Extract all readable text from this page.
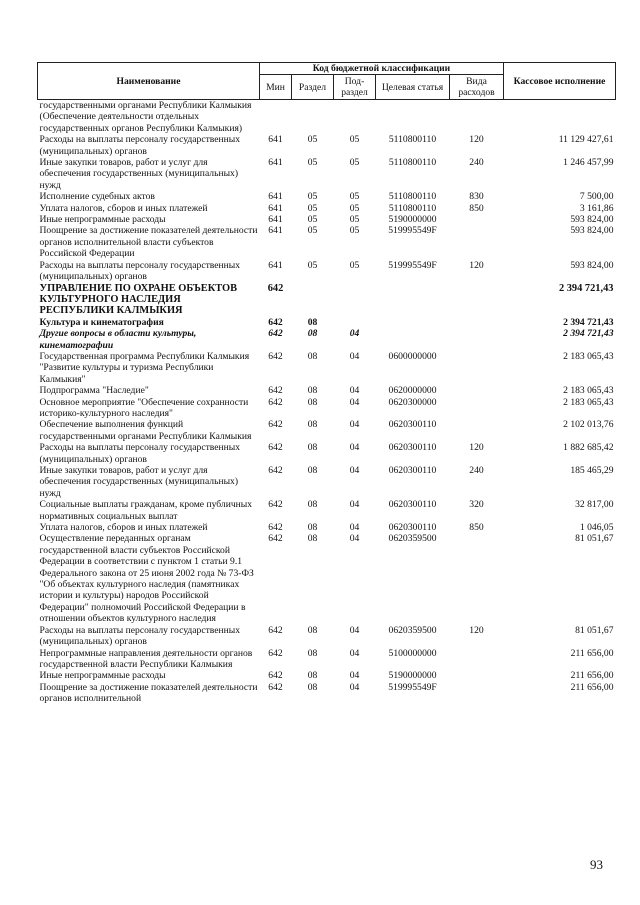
Наименование	Код бюджетной классификации					Кассовое исполнение
	Мин	Раздел	Под-раздел	Целевая статья	Вида расходов	
государственными органами Республики Калмыкия (Обеспечение деятельности отдельных государственных органов Республики Калмыкия)						
Расходы на выплаты персоналу государственных (муниципальных) органов	641	05	05	5110800110	120	11 129 427,61
Иные закупки товаров, работ и услуг для обеспечения государственных (муниципальных) нужд	641	05	05	5110800110	240	1 246 457,99
Исполнение судебных актов	641	05	05	5110800110	830	7 500,00
Уплата налогов, сборов и иных платежей	641	05	05	5110800110	850	3 161,86
Иные непрограммные расходы	641	05	05	5190000000		593 824,00
Поощрение за достижение показателей деятельности органов исполнительной власти субъектов Российской Федерации	641	05	05	519995549F		593 824,00
Расходы на выплаты персоналу государственных (муниципальных) органов	641	05	05	519995549F	120	593 824,00
УПРАВЛЕНИЕ ПО ОХРАНЕ ОБЪЕКТОВ КУЛЬТУРНОГО НАСЛЕДИЯ РЕСПУБЛИКИ КАЛМЫКИЯ	642					2 394 721,43
Культура и кинематография	642	08				2 394 721,43
Другие вопросы в области культуры, кинематографии	642	08	04			2 394 721,43
Государственная программа Республики Калмыкия "Развитие культуры и туризма Республики Калмыкия"	642	08	04	0600000000		2 183 065,43
Подпрограмма "Наследие"	642	08	04	0620000000		2 183 065,43
Основное мероприятие "Обеспечение сохранности историко-культурного наследия"	642	08	04	0620300000		2 183 065,43
Обеспечение выполнения функций государственными органами Республики Калмыкия	642	08	04	0620300110		2 102 013,76
Расходы на выплаты персоналу государственных (муниципальных) органов	642	08	04	0620300110	120	1 882 685,42
Иные закупки товаров, работ и услуг для обеспечения государственных (муниципальных) нужд	642	08	04	0620300110	240	185 465,29
Социальные выплаты гражданам, кроме публичных нормативных социальных выплат	642	08	04	0620300110	320	32 817,00
Уплата налогов, сборов и иных платежей	642	08	04	0620300110	850	1 046,05
Осуществление переданных органам государственной власти субъектов Российской Федерации в соответствии с пунктом 1 статьи 9.1 Федерального закона от 25 июня 2002 года № 73-ФЗ "Об объектах культурного наследия (памятниках истории и культуры) народов Российской Федерации" полномочий Российской Федерации в отношении объектов культурного наследия	642	08	04	0620359500		81 051,67
Расходы на выплаты персоналу государственных (муниципальных) органов	642	08	04	0620359500	120	81 051,67
Непрограммные направления деятельности органов государственной власти Республики Калмыкия	642	08	04	5100000000		211 656,00
Иные непрограммные расходы	642	08	04	5190000000		211 656,00
Поощрение за достижение показателей деятельности органов исполнительной	642	08	04	519995549F		211 656,00
93
